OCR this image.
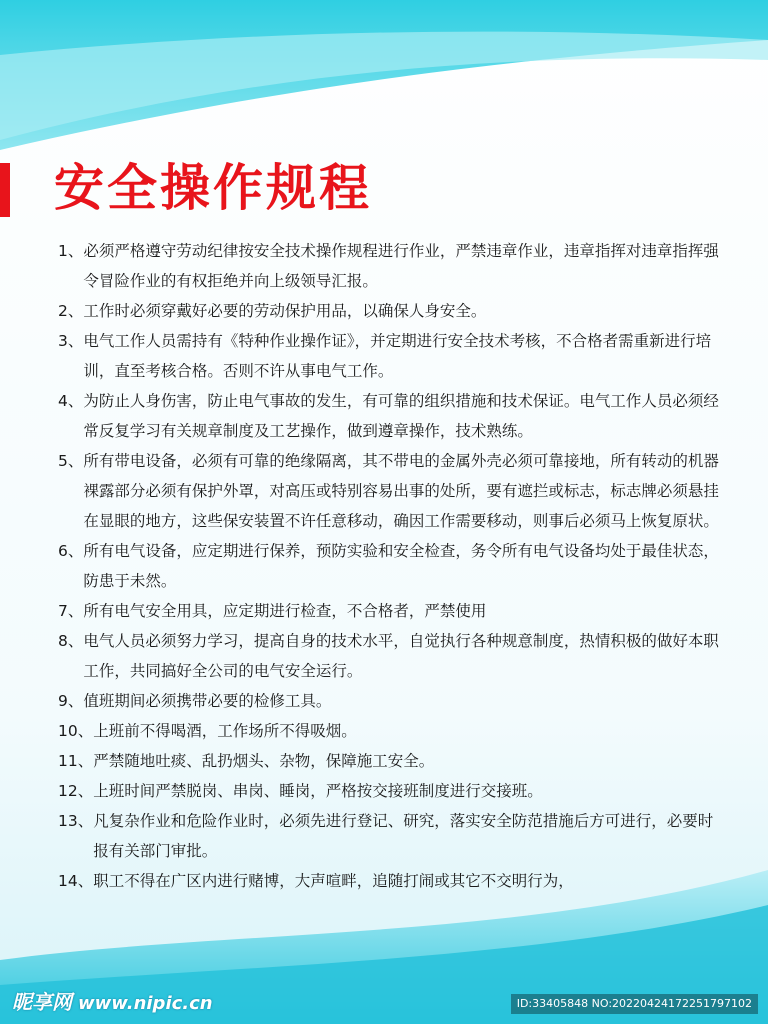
安全操作规程
1、 必须严格遵守劳动纪律按安全技术操作规程进行作业，严禁违章作业，违章指挥对违章指挥强令冒险作业的有权拒绝并向上级领导汇报。
2、 工作时必须穿戴好必要的劳动保护用品，以确保人身安全。
3、 电气工作人员需持有《特种作业操作证》，并定期进行安全技术考核，不合格者需重新进行培训，直至考核合格。否则不许从事电气工作。
4、 为防止人身伤害，防止电气事故的发生，有可靠的组织措施和技术保证。电气工作人员必须经常反复学习有关规章制度及工艺操作，做到遵章操作，技术熟练。
5、 所有带电设备，必须有可靠的绝缘隔离，其不带电的金属外壳必须可靠接地，所有转动的机器裸露部分必须有保护外罩，对高压或特别容易出事的处所，要有遮拦或标志，标志牌必须悬挂在显眼的地方，这些保安装置不许任意移动，确因工作需要移动，则事后必须马上恢复原状。
6、 所有电气设备，应定期进行保养，预防实验和安全检查，务令所有电气设备均处于最佳状态，防患于未然。
7、 所有电气安全用具，应定期进行检查，不合格者，严禁使用
8、 电气人员必须努力学习，提高自身的技术水平，自觉执行各种规意制度，热情积极的做好本职工作，共同搞好全公司的电气安全运行。
9、 值班期间必须携带必要的检修工具。
10、 上班前不得喝酒，工作场所不得吸烟。
11、 严禁随地吐痰、乱扔烟头、杂物，保障施工安全。
12、 上班时间严禁脱岗、串岗、睡岗，严格按交接班制度进行交接班。
13、 凡复杂作业和危险作业时，必须先进行登记、研究，落实安全防范措施后方可进行，必要时报有关部门审批。
14、 职工不得在广区内进行赌博，大声喧畔，追随打闹或其它不交明行为，
昵享网 www.nipic.cn	ID:33405848 NO:20220424172251797102
